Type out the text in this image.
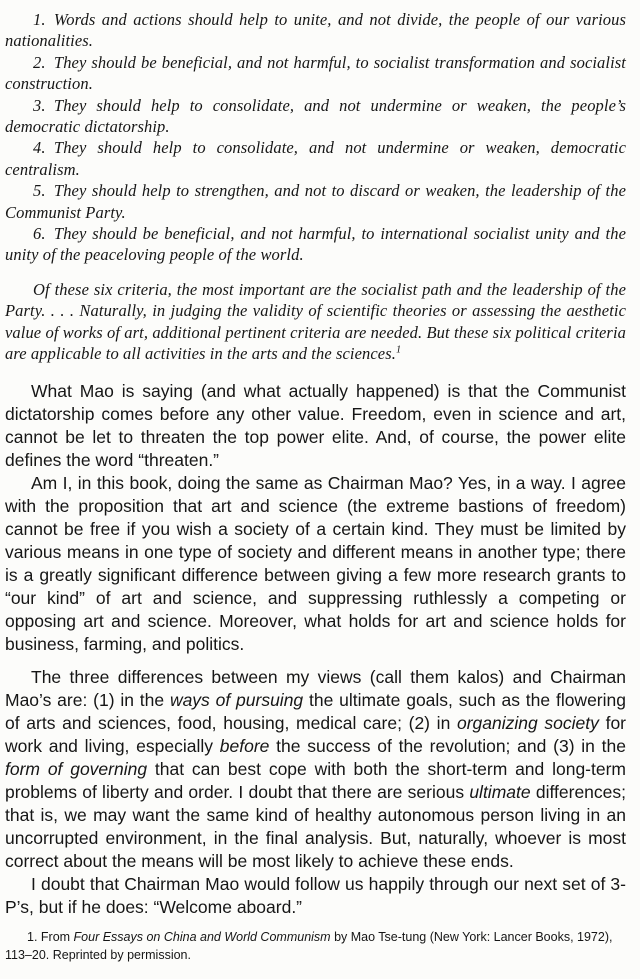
1. Words and actions should help to unite, and not divide, the people of our various nationalities.

2. They should be beneficial, and not harmful, to socialist transformation and socialist construction.

3. They should help to consolidate, and not undermine or weaken, the people’s democratic dictatorship.

4. They should help to consolidate, and not undermine or weaken, democratic centralism.

5. They should help to strengthen, and not to discard or weaken, the leadership of the Communist Party.

6. They should be beneficial, and not harmful, to international socialist unity and the unity of the peaceloving people of the world.

Of these six criteria, the most important are the socialist path and the leadership of the Party. . . . Naturally, in judging the validity of scientific theories or assessing the aesthetic value of works of art, additional pertinent criteria are needed. But these six political criteria are applicable to all activities in the arts and the sciences.$^1$

What Mao is saying (and what actually happened) is that the Communist dictatorship comes before any other value. Freedom, even in science and art, cannot be let to threaten the top power elite. And, of course, the power elite defines the word “threaten.”

Am I, in this book, doing the same as Chairman Mao? Yes, in a way. I agree with the proposition that art and science (the extreme bastions of freedom) cannot be free if you wish a society of a certain kind. They must be limited by various means in one type of society and different means in another type; there is a greatly significant difference between giving a few more research grants to “our kind” of art and science, and suppressing ruthlessly a competing or opposing art and science. Moreover, what holds for art and science holds for business, farming, and politics.

The three differences between my views (call them kalos) and Chairman Mao’s are: (1) in the ways of pursuing the ultimate goals, such as the flowering of arts and sciences, food, housing, medical care; (2) in organizing society for work and living, especially before the success of the revolution; and (3) in the form of governing that can best cope with both the short-term and long-term problems of liberty and order. I doubt that there are serious ultimate differences; that is, we may want the same kind of healthy autonomous person living in an uncorrupted environment, in the final analysis. But, naturally, whoever is most correct about the means will be most likely to achieve these ends.

I doubt that Chairman Mao would follow us happily through our next set of 3-P’s, but if he does: “Welcome aboard.”

1. From Four Essays on China and World Communism by Mao Tse-tung (New York: Lancer Books, 1972), 113–20. Reprinted by permission.
